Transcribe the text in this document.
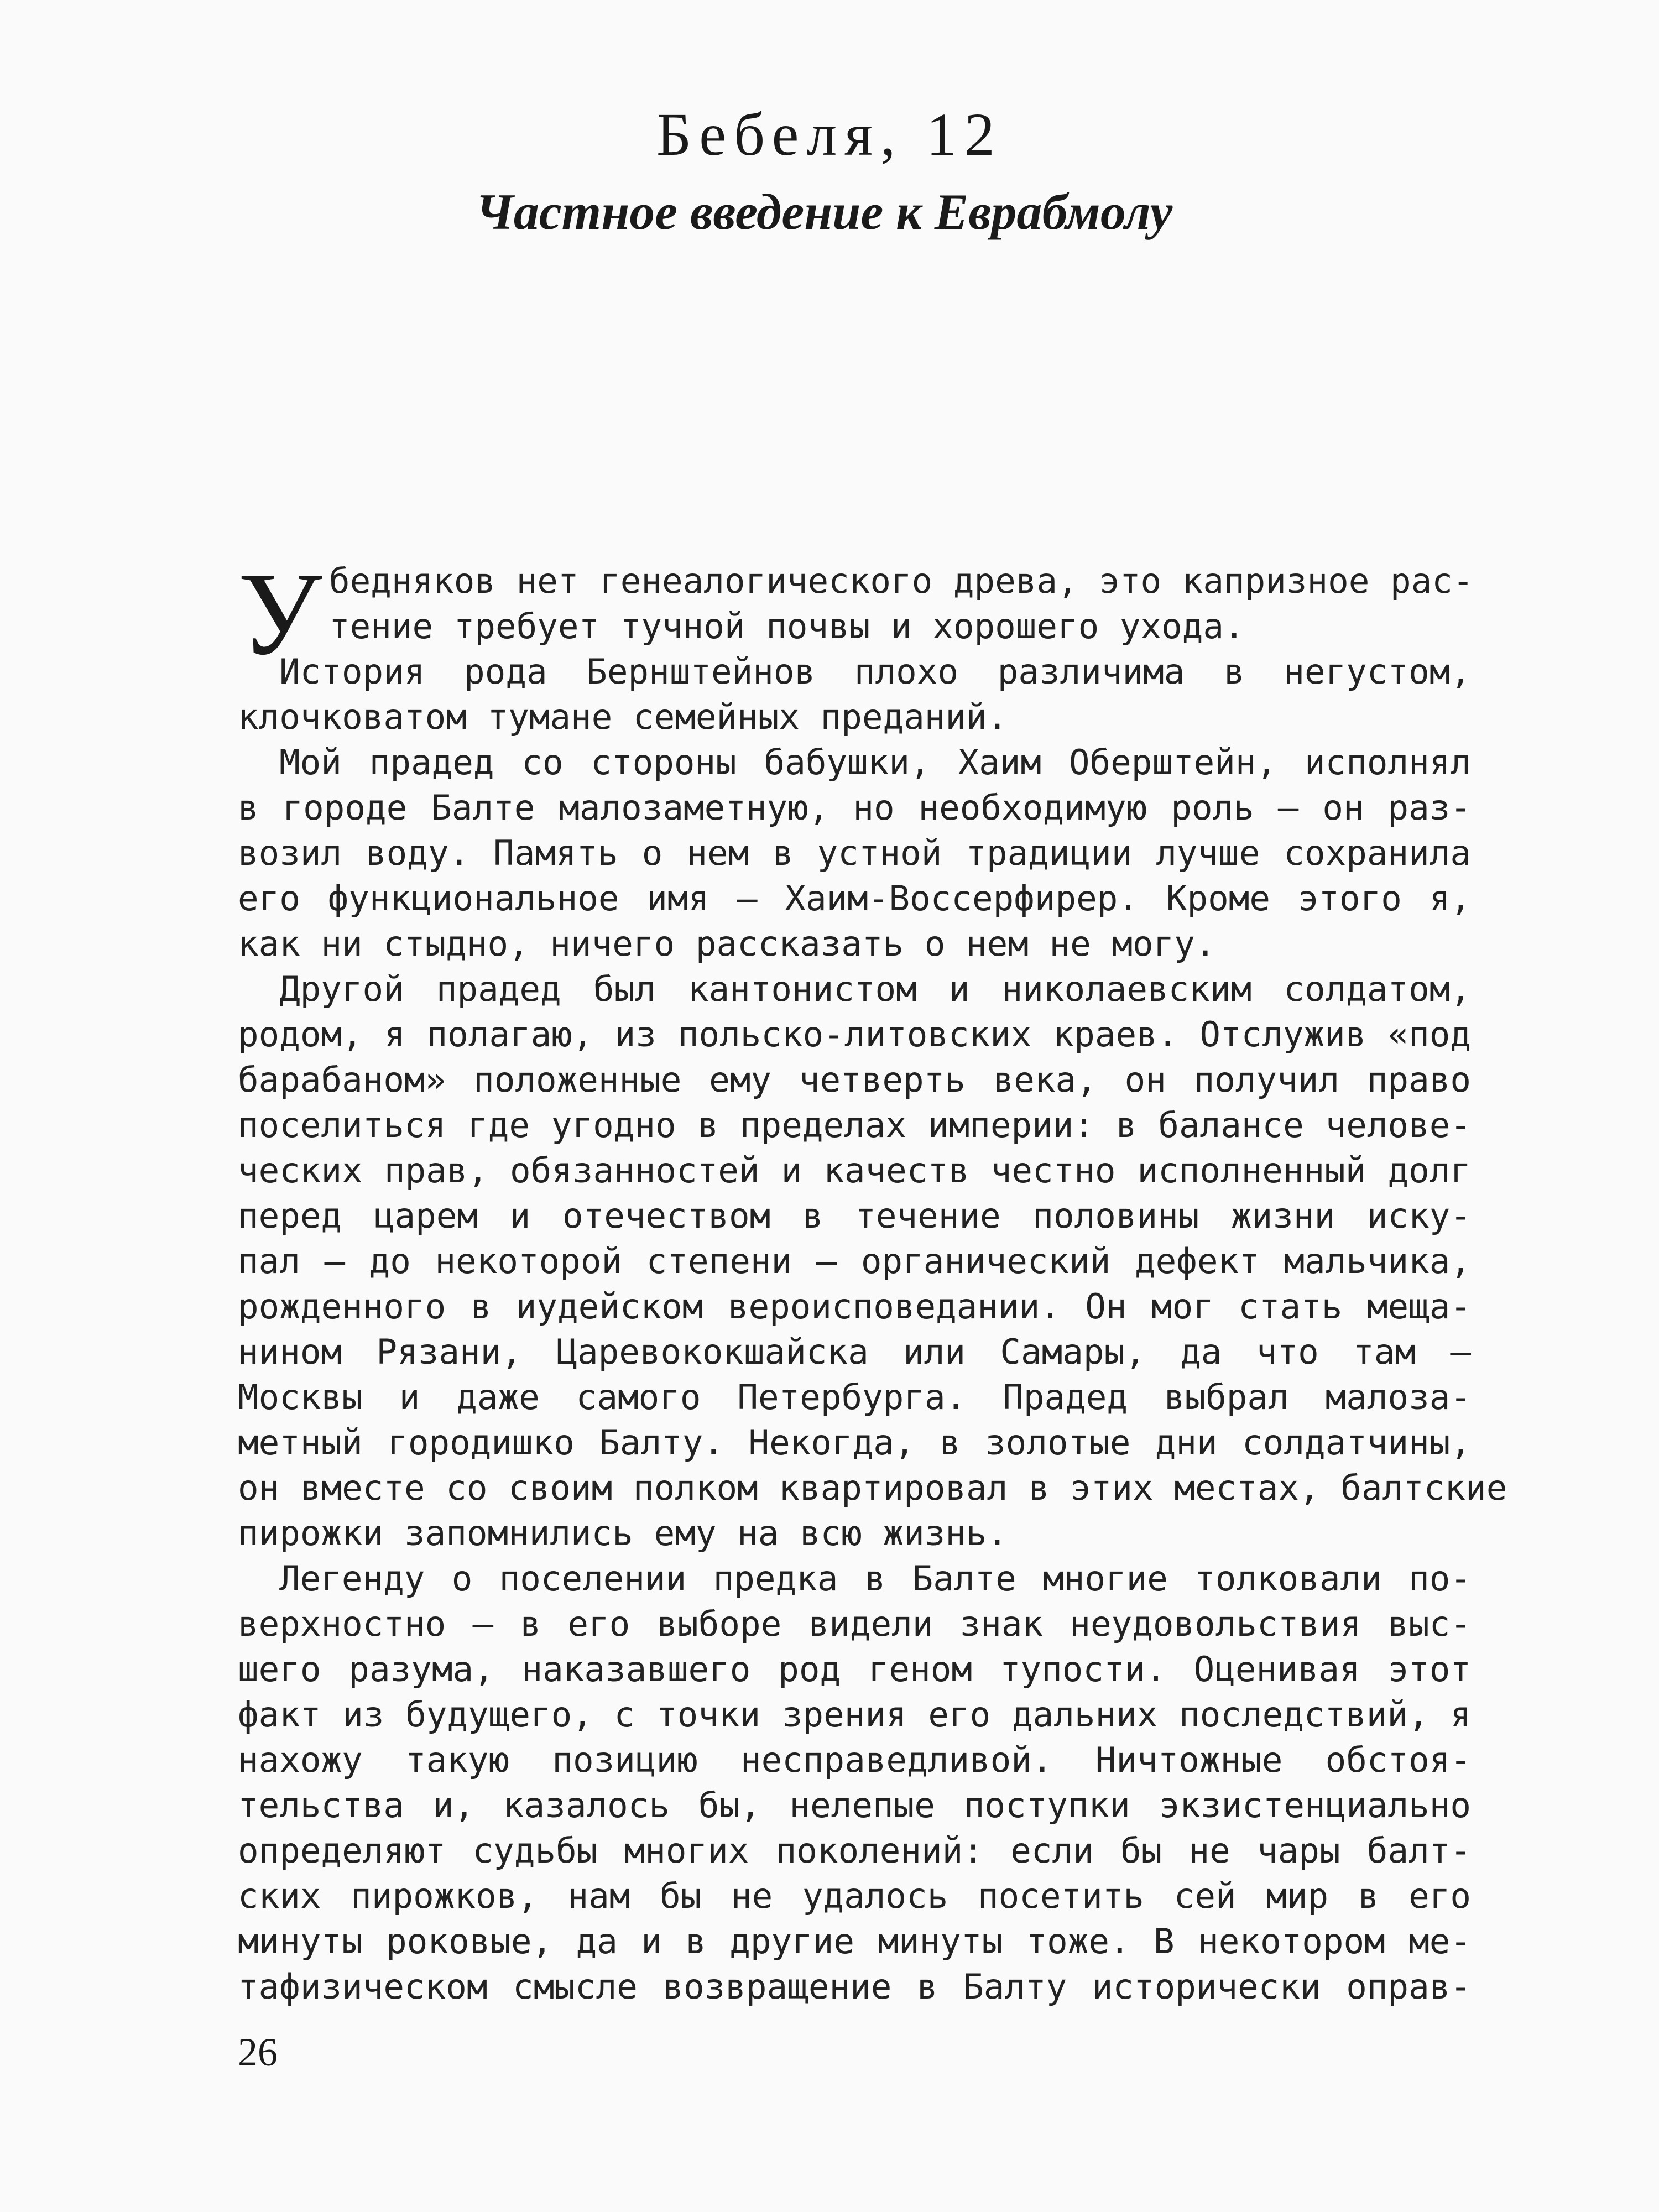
Бебеля, 12
Частное введение к Еврабмолу
У бедняков нет генеалогического древа, это капризное рас-
тение требует тучной почвы и хорошего ухода.

История рода Бернштейнов плохо различима в негустом,
клочковатом тумане семейных преданий.

Мой прадед со стороны бабушки, Хаим Оберштейн, исполнял
в городе Балте малозаметную, но необходимую роль — он раз-
возил воду. Память о нем в устной традиции лучше сохранила
его функциональное имя — Хаим-Воссерфирер. Кроме этого я,
как ни стыдно, ничего рассказать о нем не могу.

Другой прадед был кантонистом и николаевским солдатом,
родом, я полагаю, из польско-литовских краев. Отслужив «под
барабаном» положенные ему четверть века, он получил право
поселиться где угодно в пределах империи: в балансе челове-
ческих прав, обязанностей и качеств честно исполненный долг
перед царем и отечеством в течение половины жизни иску-
пал — до некоторой степени — органический дефект мальчика,
рожденного в иудейском вероисповедании. Он мог стать меща-
нином Рязани, Царевококшайска или Самары, да что там —
Москвы и даже самого Петербурга. Прадед выбрал малоза-
метный городишко Балту. Некогда, в золотые дни солдатчины,
он вместе со своим полком квартировал в этих местах, балтские
пирожки запомнились ему на всю жизнь.

Легенду о поселении предка в Балте многие толковали по-
верхностно — в его выборе видели знак неудовольствия выс-
шего разума, наказавшего род геном тупости. Оценивая этот
факт из будущего, с точки зрения его дальних последствий, я
нахожу такую позицию несправедливой. Ничтожные обстоя-
тельства и, казалось бы, нелепые поступки экзистенциально
определяют судьбы многих поколений: если бы не чары балт-
ских пирожков, нам бы не удалось посетить сей мир в его
минуты роковые, да и в другие минуты тоже. В некотором ме-
тафизическом смысле возвращение в Балту исторически оправ-

26
